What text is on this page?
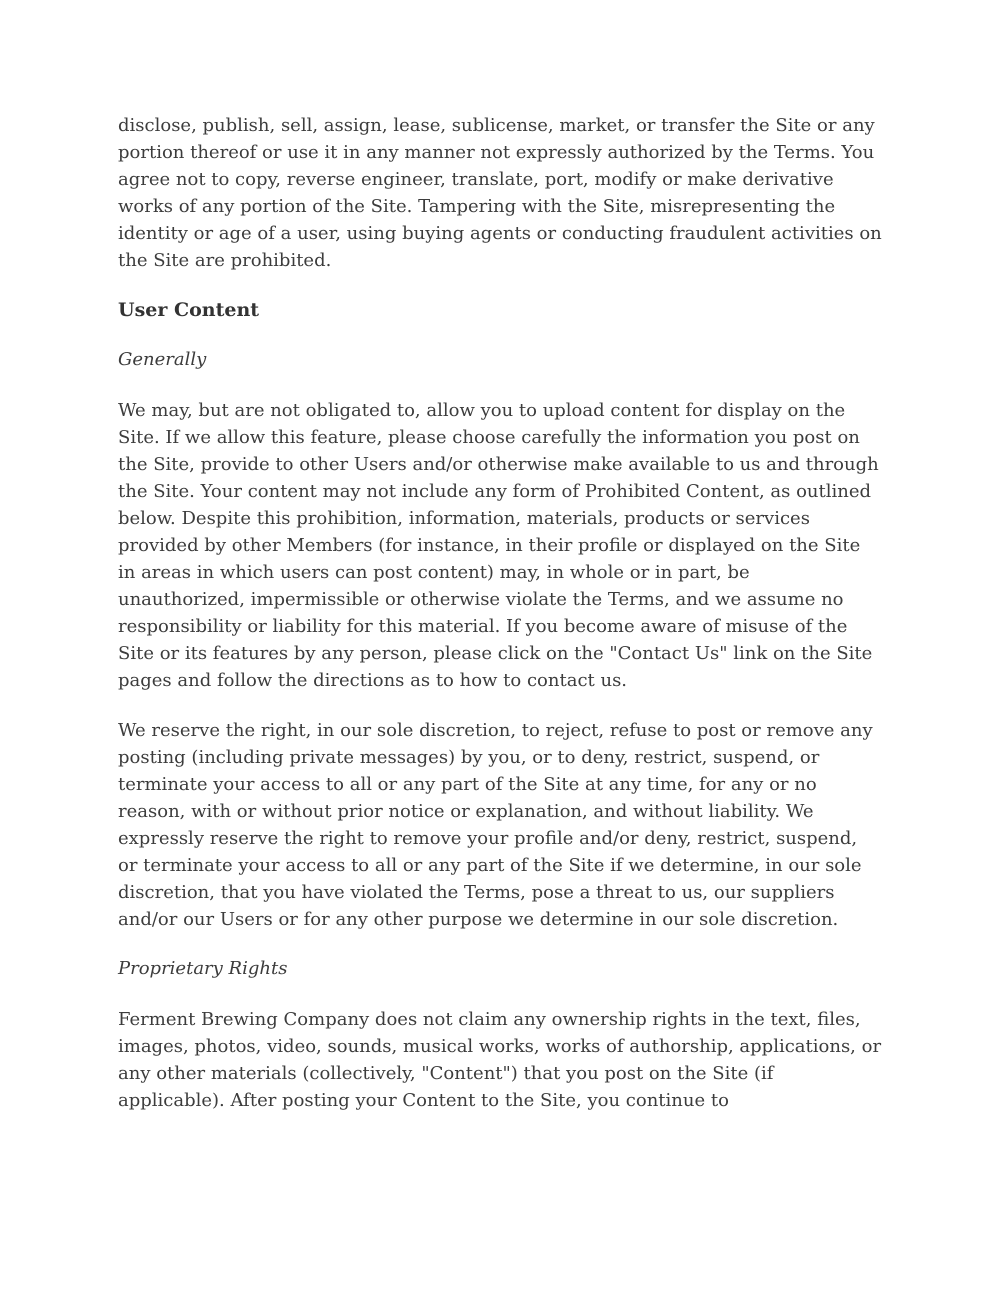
disclose, publish, sell, assign, lease, sublicense, market, or transfer the Site or any portion thereof or use it in any manner not expressly authorized by the Terms. You agree not to copy, reverse engineer, translate, port, modify or make derivative works of any portion of the Site. Tampering with the Site, misrepresenting the identity or age of a user, using buying agents or conducting fraudulent activities on the Site are prohibited.

User Content
Generally

We may, but are not obligated to, allow you to upload content for display on the Site. If we allow this feature, please choose carefully the information you post on the Site, provide to other Users and/or otherwise make available to us and through the Site. Your content may not include any form of Prohibited Content, as outlined below. Despite this prohibition, information, materials, products or services provided by other Members (for instance, in their profile or displayed on the Site in areas in which users can post content) may, in whole or in part, be unauthorized, impermissible or otherwise violate the Terms, and we assume no responsibility or liability for this material. If you become aware of misuse of the Site or its features by any person, please click on the "Contact Us" link on the Site pages and follow the directions as to how to contact us.

We reserve the right, in our sole discretion, to reject, refuse to post or remove any posting (including private messages) by you, or to deny, restrict, suspend, or terminate your access to all or any part of the Site at any time, for any or no reason, with or without prior notice or explanation, and without liability. We expressly reserve the right to remove your profile and/or deny, restrict, suspend, or terminate your access to all or any part of the Site if we determine, in our sole discretion, that you have violated the Terms, pose a threat to us, our suppliers and/or our Users or for any other purpose we determine in our sole discretion.

Proprietary Rights

Ferment Brewing Company does not claim any ownership rights in the text, files, images, photos, video, sounds, musical works, works of authorship, applications, or any other materials (collectively, "Content") that you post on the Site (if applicable). After posting your Content to the Site, you continue to
